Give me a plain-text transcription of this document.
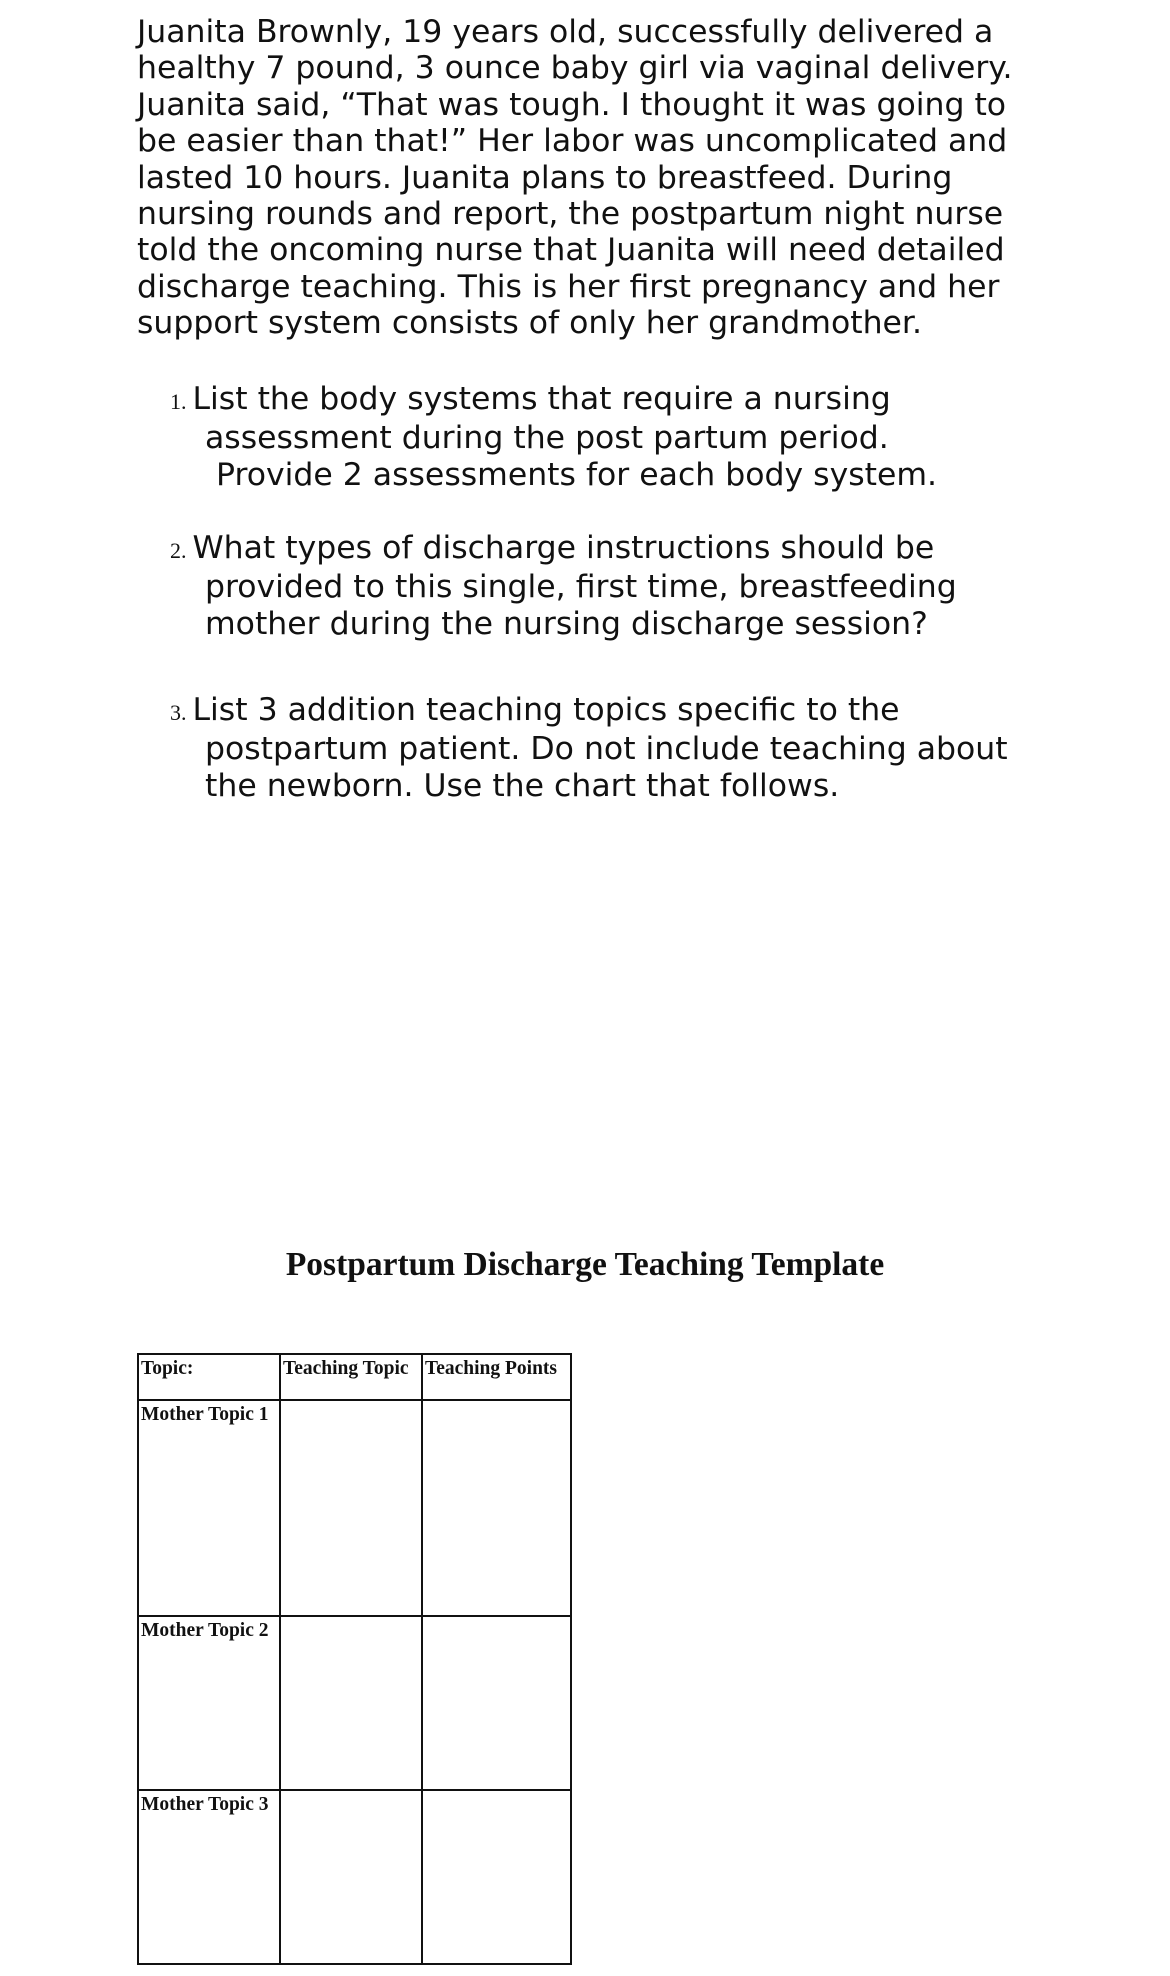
Juanita Brownly, 19 years old, successfully delivered a
healthy 7 pound, 3 ounce baby girl via vaginal delivery.
Juanita said, “That was tough. I thought it was going to
be easier than that!” Her labor was uncomplicated and
lasted 10 hours. Juanita plans to breastfeed. During
nursing rounds and report, the postpartum night nurse
told the oncoming nurse that Juanita will need detailed
discharge teaching. This is her first pregnancy and her
support system consists of only her grandmother.
1. List the body systems that require a nursing
assessment during the post partum period.
Provide 2 assessments for each body system.
2. What types of discharge instructions should be
provided to this single, first time, breastfeeding
mother during the nursing discharge session?
3. List 3 addition teaching topics specific to the
postpartum patient. Do not include teaching about
the newborn. Use the chart that follows.
Postpartum Discharge Teaching Template
Topic:	Teaching Topic	Teaching Points
Mother Topic 1		
Mother Topic 2		
Mother Topic 3		
